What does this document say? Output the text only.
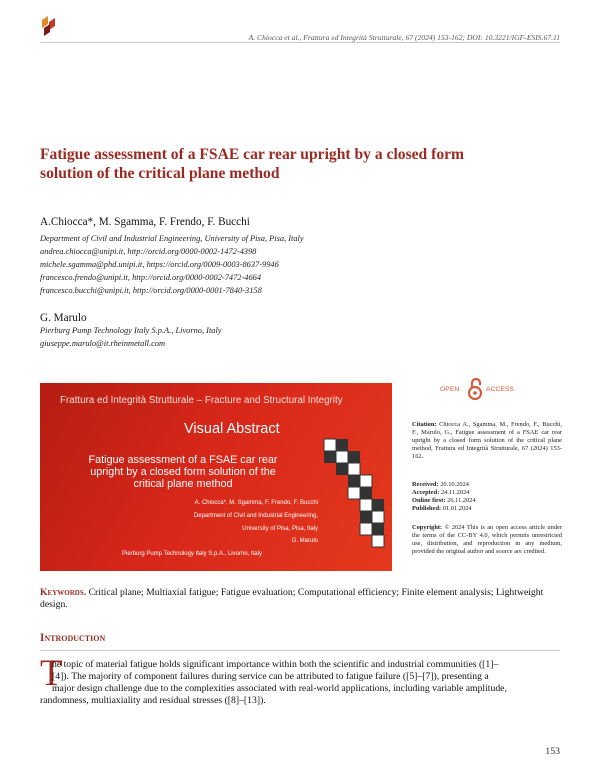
A. Chiocca et al., Frattura ed Integrità Strutturale, 67 (2024) 153-162; DOI: 10.3221/IGF-ESIS.67.11
Fatigue assessment of a FSAE car rear upright by a closed form
solution of the critical plane method
A.Chiocca*, M. Sgamma, F. Frendo, F. Bucchi
Department of Civil and Industrial Engineering, University of Pisa, Pisa, Italy
andrea.chiocca@unipi.it, http://orcid.org/0000-0002-1472-4398
michele.sgamma@phd.unipi.it, https://orcid.org/0009-0003-8637-9946
francesco.frendo@unipi.it, http://orcid.org/0000-0002-7472-4664
francesco.bucchi@unipi.it, http://orcid.org/0000-0001-7840-3158
G. Marulo
Pierburg Pump Technology Italy S.p.A., Livorno, Italy
giuseppe.marulo@it.rheinmetall.com
Frattura ed Integrità Strutturale – Fracture and Structural Integrity
Visual Abstract
Fatigue assessment of a FSAE car rear
upright by a closed form solution of the
critical plane method
A. Chiocca*, M. Sgamma, F. Frendo, F. Bucchi
Department of Civil and Industrial Engineering,
University of Pisa, Pisa, Italy
G. Marulo
Pierburg Pump Technology Italy S.p.A., Livorno, Italy
OPEN	ACCESS
Citation: Chiocca A., Sgamma, M., Frendo, F., Bucchi, F., Marulo, G., Fatigue assessment of a FSAE car rear upright by a closed form solution of the critical plane method, Frattura ed Integrità Strutturale, 67 (2024) 153-162.
Received: 20.10.2024
Accepted: 24.11.2024
Online first: 26.11.2024
Published: 01.01.2024
Copyright: © 2024 This is an open access article under the terms of the CC-BY 4.0, which permits unrestricted use, distribution, and reproduction in any medium, provided the original author and source are credited.
Keywords. Critical plane; Multiaxial fatigue; Fatigue evaluation; Computational efficiency; Finite element analysis; Lightweight design.
Introduction
T
he topic of material fatigue holds significant importance within both the scientific and industrial communities ([1]–
[4]). The majority of component failures during service can be attributed to fatigue failure ([5]–[7]), presenting a
major design challenge due to the complexities associated with real-world applications, including variable amplitude,
randomness, multiaxiality and residual stresses ([8]–[13]).
153
